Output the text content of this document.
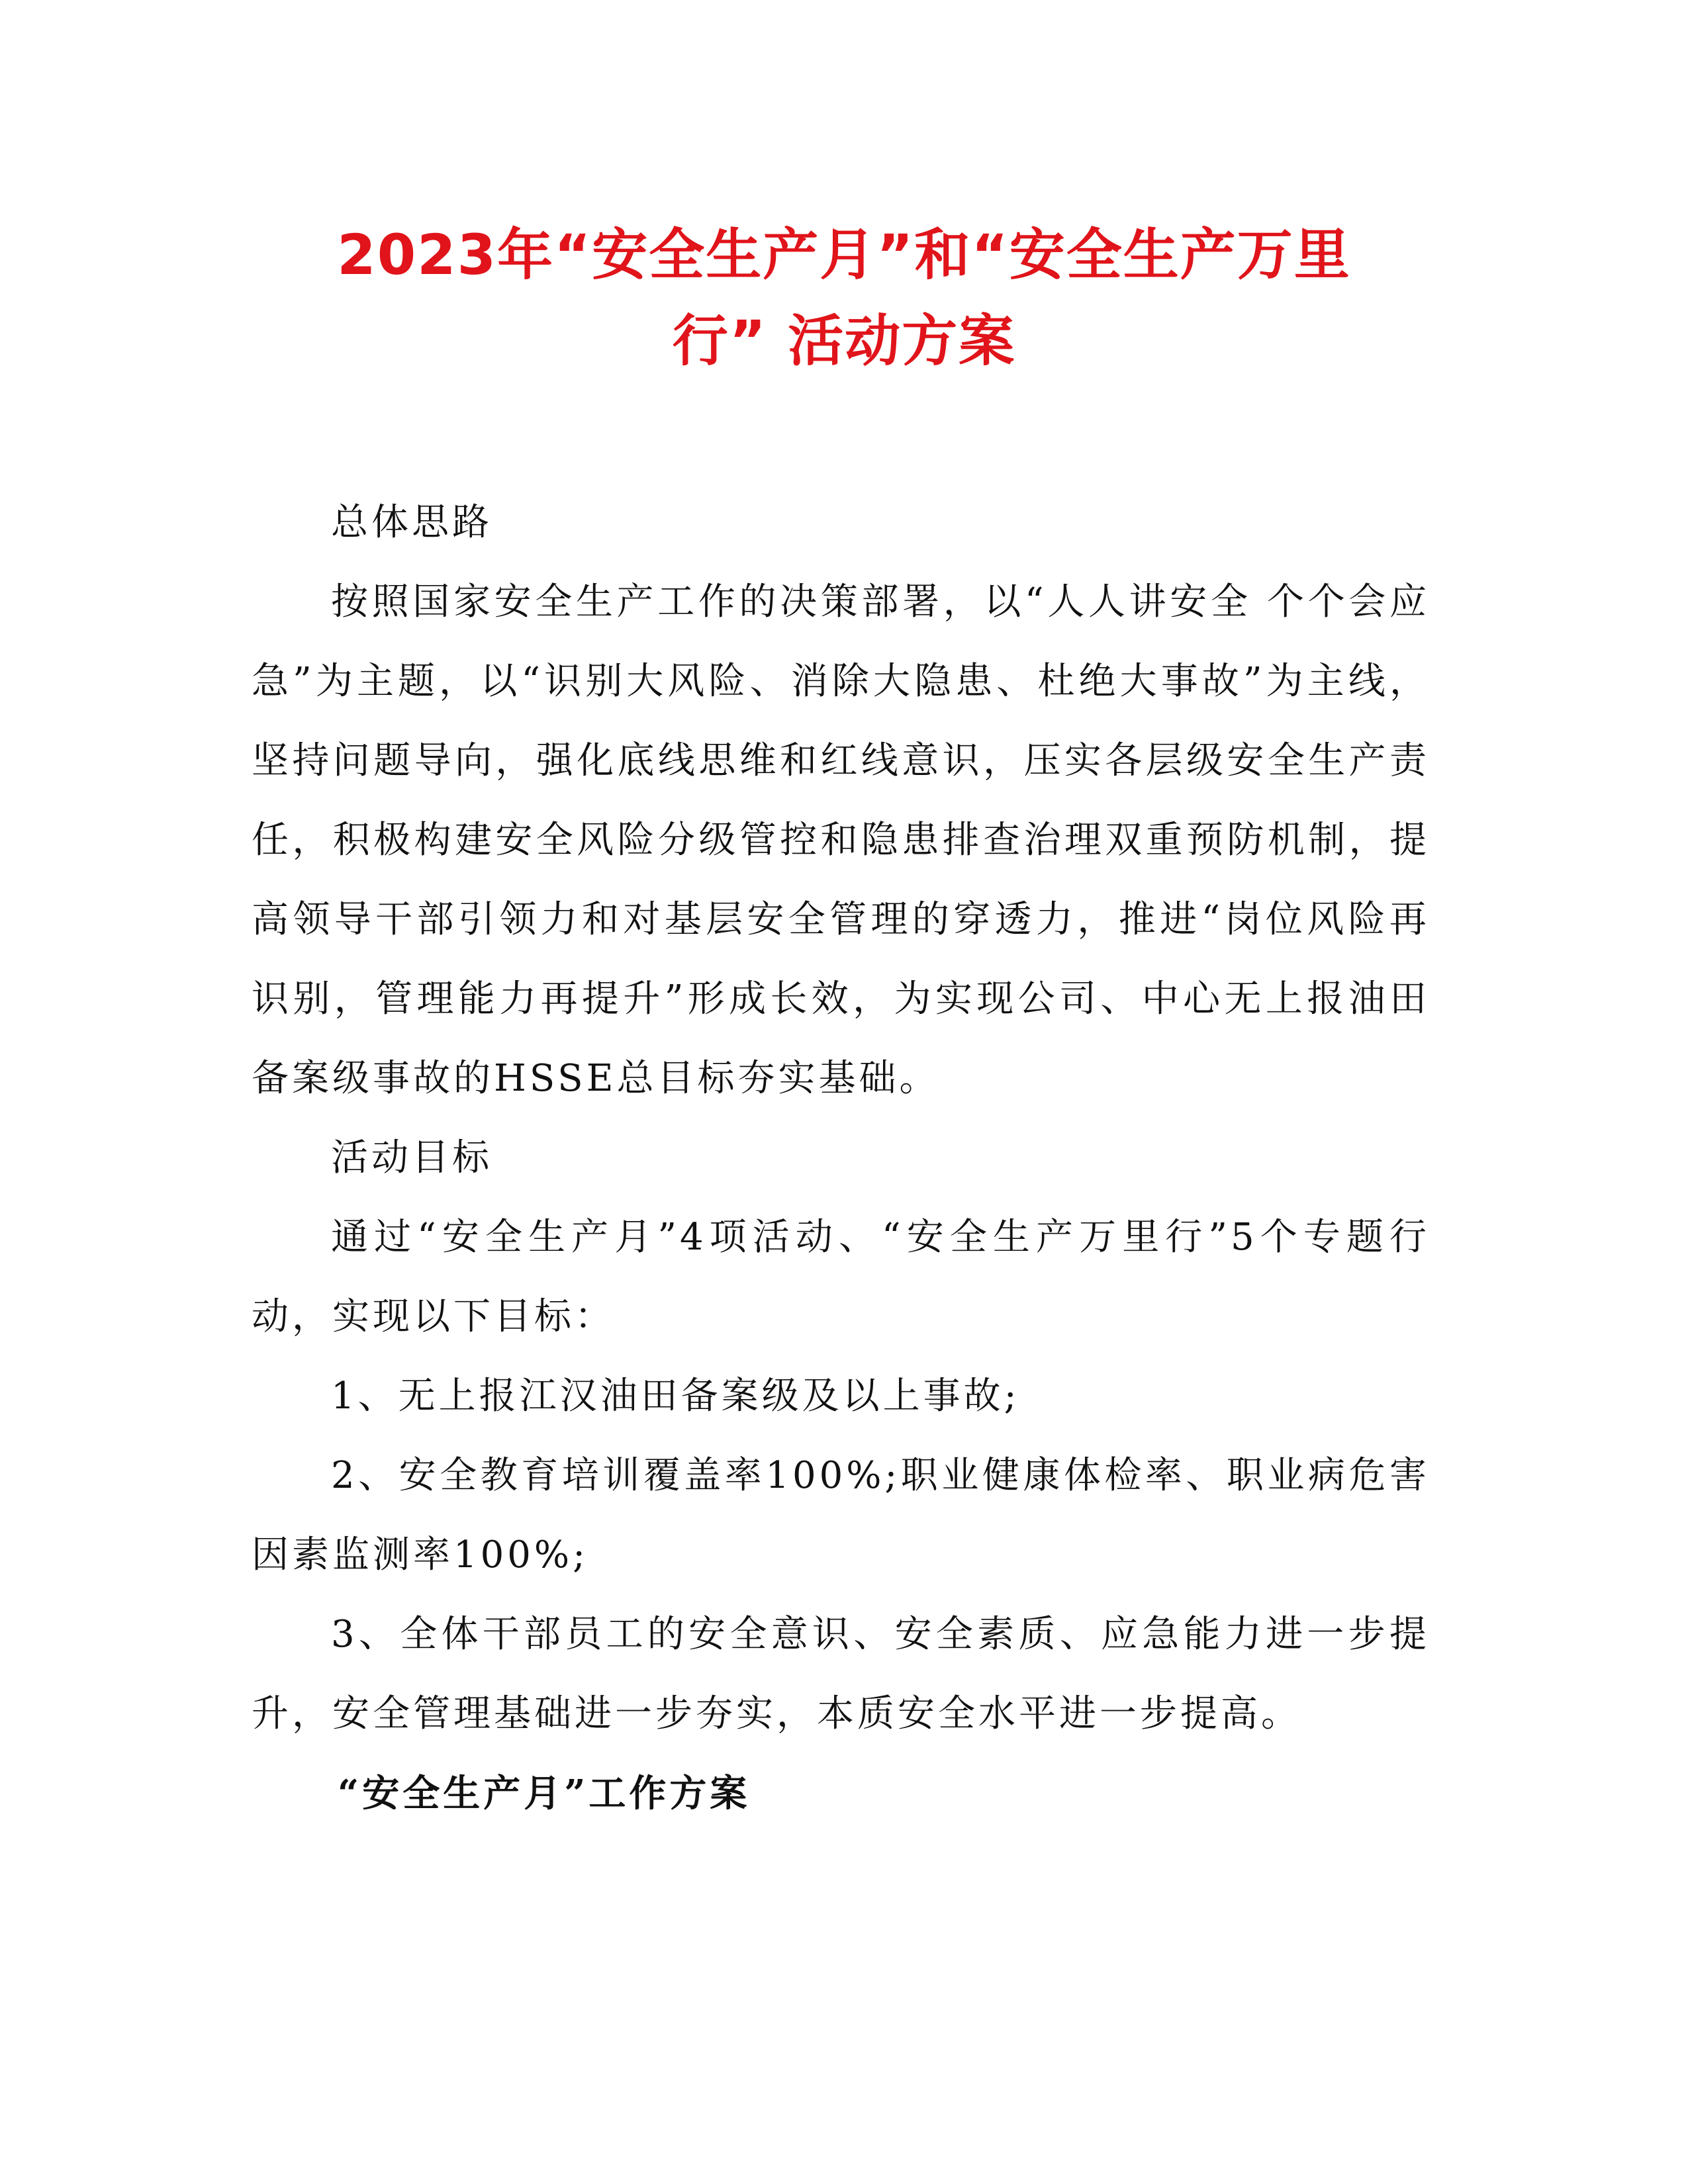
2023年“安全生产月”和“安全生产万里
行” 活动方案

总体思路

按照国家安全生产工作的决策部署，以“人人讲安全 个个会应急”为主题，以“识别大风险、消除大隐患、杜绝大事故”为主线，坚持问题导向，强化底线思维和红线意识，压实各层级安全生产责任，积极构建安全风险分级管控和隐患排查治理双重预防机制，提高领导干部引领力和对基层安全管理的穿透力，推进“岗位风险再识别，管理能力再提升”形成长效，为实现公司、中心无上报油田备案级事故的HSSE总目标夯实基础。

活动目标

通过“安全生产月”4项活动、“安全生产万里行”5个专题行动，实现以下目标：

1、无上报江汉油田备案级及以上事故;

2、安全教育培训覆盖率100%;职业健康体检率、职业病危害因素监测率100%;

3、全体干部员工的安全意识、安全素质、应急能力进一步提升，安全管理基础进一步夯实，本质安全水平进一步提高。

“安全生产月”工作方案
